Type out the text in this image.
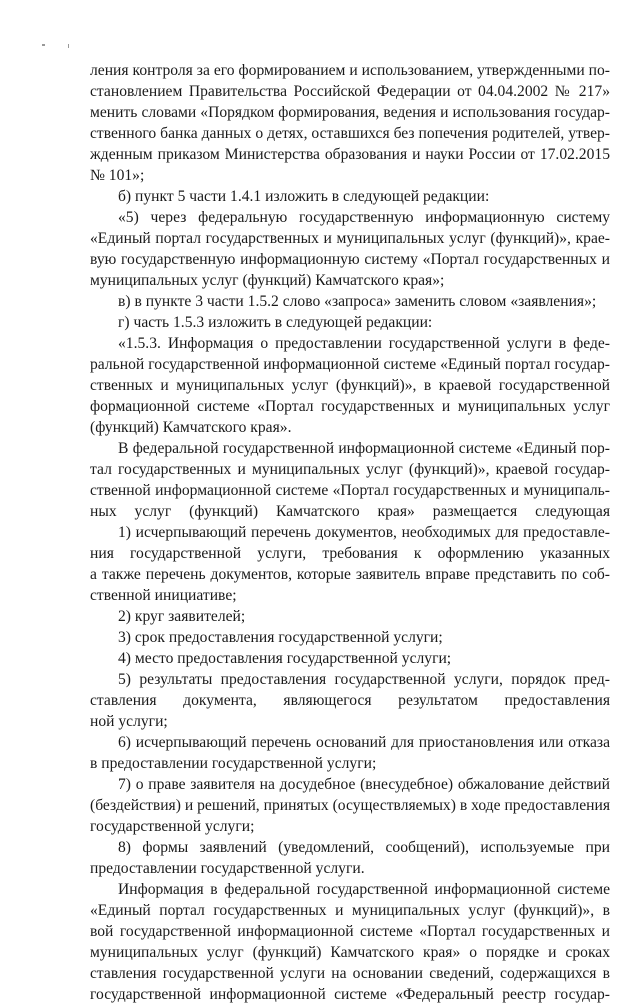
ления контроля за его формированием и использованием, утвержденными по-
становлением Правительства Российской Федерации от 04.04.2002 № 217»
менить словами «Порядком формирования, ведения и использования государ-
ственного банка данных о детях, оставшихся без попечения родителей, утвер-
жденным приказом Министерства образования и науки России от 17.02.2015
№ 101»;
б) пункт 5 части 1.4.1 изложить в следующей редакции:
«5) через федеральную государственную информационную систему
«Единый портал государственных и муниципальных услуг (функций)», крае-
вую государственную информационную систему «Портал государственных и
муниципальных услуг (функций) Камчатского края»;
в) в пункте 3 части 1.5.2 слово «запроса» заменить словом «заявления»;
г) часть 1.5.3 изложить в следующей редакции:
«1.5.3. Информация о предоставлении государственной услуги в феде-
ральной государственной информационной системе «Единый портал государ-
ственных и муниципальных услуг (функций)», в краевой государственной
формационной системе «Портал государственных и муниципальных услуг
(функций) Камчатского края».
В федеральной государственной информационной системе «Единый пор-
тал государственных и муниципальных услуг (функций)», краевой государ-
ственной информационной системе «Портал государственных и муниципаль-
ных услуг (функций) Камчатского края» размещается следующая
1) исчерпывающий перечень документов, необходимых для предоставле-
ния государственной услуги, требования к оформлению указанных
а также перечень документов, которые заявитель вправе представить по соб-
ственной инициативе;
2) круг заявителей;
3) срок предоставления государственной услуги;
4) место предоставления государственной услуги;
5) результаты предоставления государственной услуги, порядок пред-
ставления документа, являющегося результатом предоставления
ной услуги;
6) исчерпывающий перечень оснований для приостановления или отказа
в предоставлении государственной услуги;
7) о праве заявителя на досудебное (внесудебное) обжалование действий
(бездействия) и решений, принятых (осуществляемых) в ходе предоставления
государственной услуги;
8) формы заявлений (уведомлений, сообщений), используемые при
предоставлении государственной услуги.
Информация в федеральной государственной информационной системе
«Единый портал государственных и муниципальных услуг (функций)», в
вой государственной информационной системе «Портал государственных и
муниципальных услуг (функций) Камчатского края» о порядке и сроках
ставления государственной услуги на основании сведений, содержащихся в
государственной информационной системе «Федеральный реестр государ-
